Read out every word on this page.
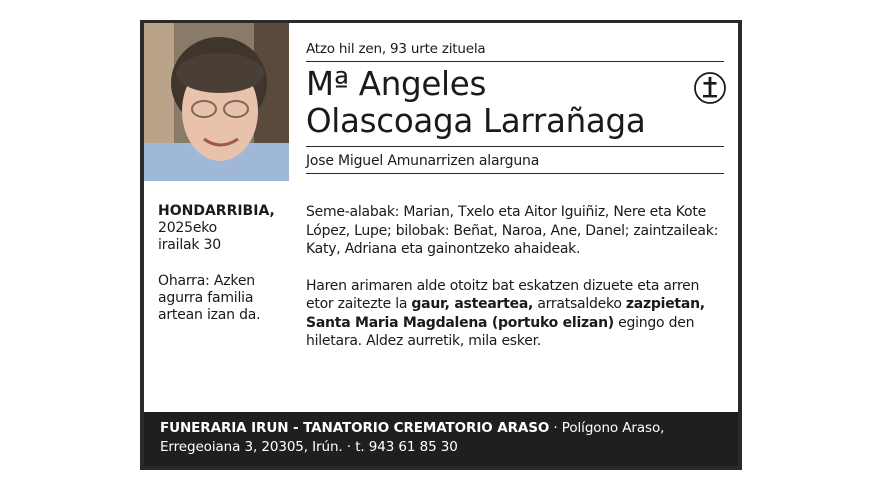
Atzo hil zen, 93 urte zituela
Mª Angeles
Olascoaga Larrañaga
Jose Miguel Amunarrizen alarguna
HONDARRIBIA,
2025eko
irailak 30
Oharra: Azken agurra familia artean izan da.

Seme-alabak: Marian, Txelo eta Aitor Iguiñiz, Nere eta Kote López, Lupe; bilobak: Beñat, Naroa, Ane, Danel; zaintzaileak: Katy, Adriana eta gainontzeko ahaideak.

Haren arimaren alde otoitz bat eskatzen dizuete eta arren etor zaitezte la gaur, astearteа, arratsaldeko zazpietan, Santa Maria Magdalena (portuko elizan) egingo den hiletara. Aldez aurretik, mila esker.

FUNERARIA IRUN - TANATORIO CREMATORIO ARASO · Polígono Araso, Erregeoiana 3, 20305, Irún. · t. 943 61 85 30
